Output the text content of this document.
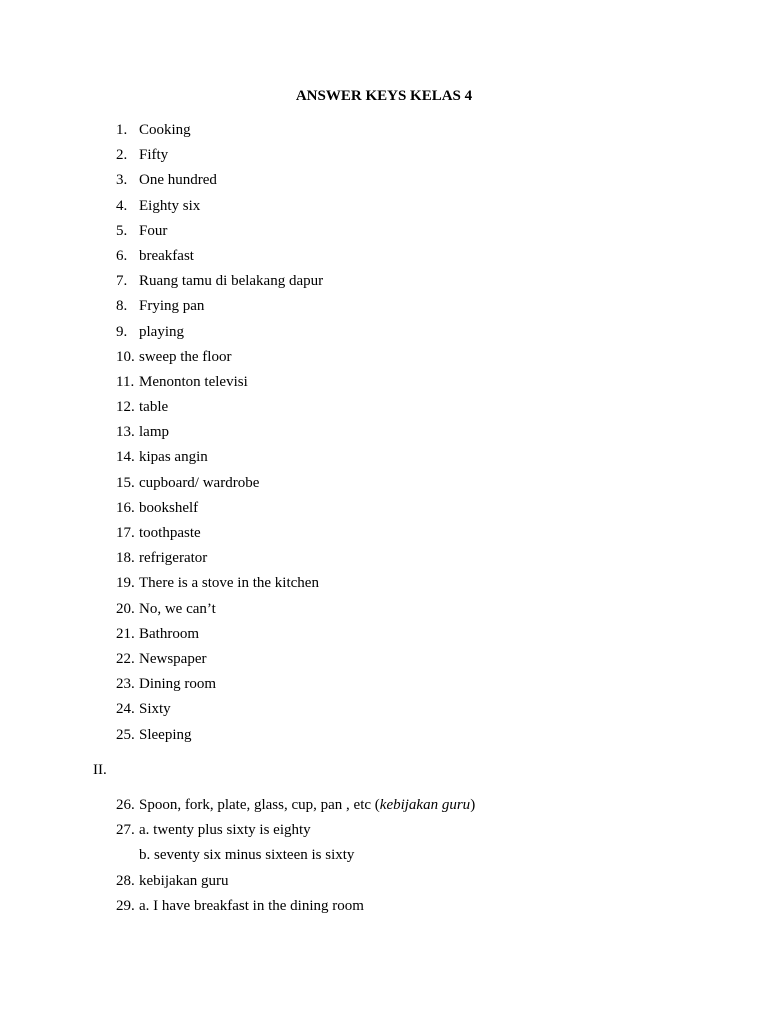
ANSWER KEYS KELAS 4
1. Cooking
2. Fifty
3. One hundred
4. Eighty six
5. Four
6. breakfast
7. Ruang tamu di belakang dapur
8. Frying pan
9. playing
10. sweep the floor
11. Menonton televisi
12. table
13. lamp
14. kipas angin
15. cupboard/ wardrobe
16. bookshelf
17. toothpaste
18. refrigerator
19. There is a stove in the kitchen
20. No, we can’t
21. Bathroom
22. Newspaper
23. Dining room
24. Sixty
25. Sleeping
II.
26. Spoon, fork, plate, glass, cup, pan , etc (kebijakan guru)
27. a. twenty plus sixty is eighty
b. seventy six minus sixteen is sixty
28. kebijakan guru
29. a. I have breakfast in the dining room
